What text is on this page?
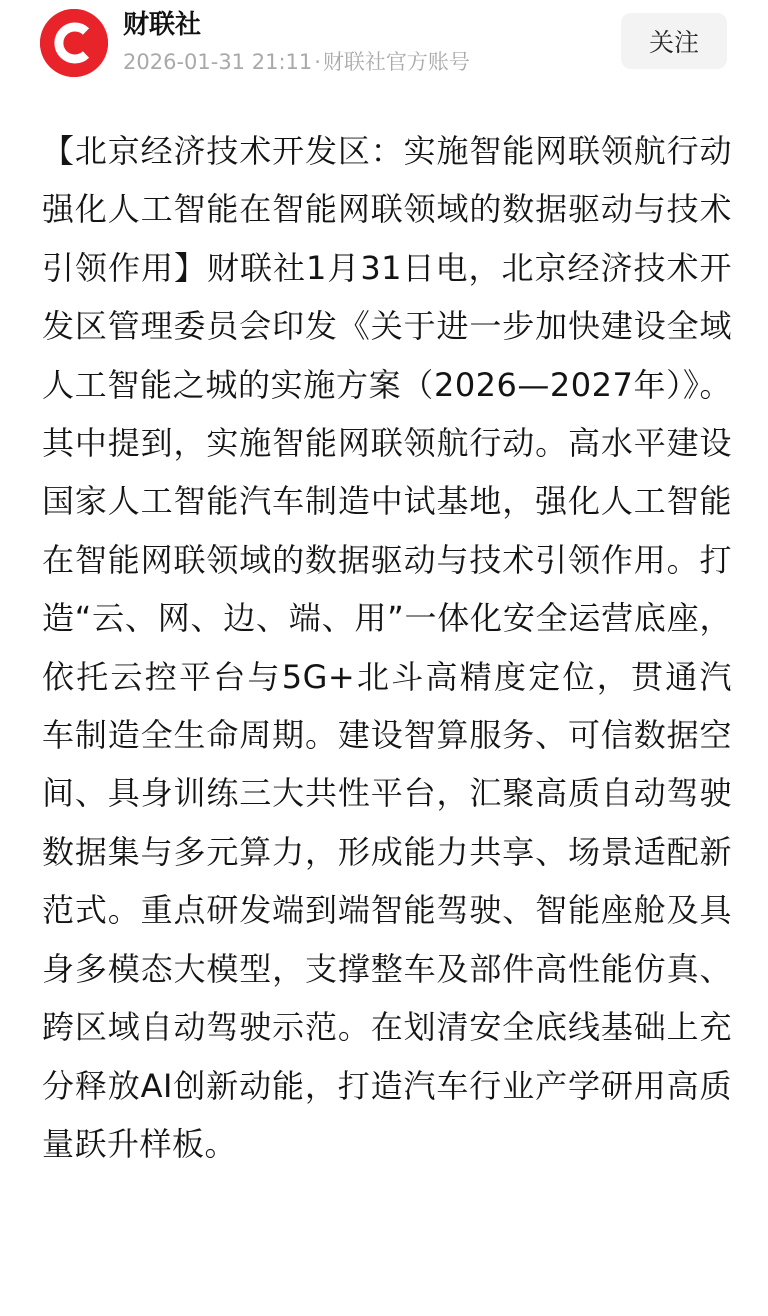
财联社
2026-01-31 21:11·财联社官方账号
关注

【北京经济技术开发区：实施智能网联领航行动 强化人工智能在智能网联领域的数据驱动与技术引领作用】财联社1月31日电，北京经济技术开发区管理委员会印发《关于进一步加快建设全域人工智能之城的实施方案（2026—2027年）》。其中提到，实施智能网联领航行动。高水平建设国家人工智能汽车制造中试基地，强化人工智能在智能网联领域的数据驱动与技术引领作用。打造“云、网、边、端、用”一体化安全运营底座，依托云控平台与5G+北斗高精度定位，贯通汽车制造全生命周期。建设智算服务、可信数据空间、具身训练三大共性平台，汇聚高质自动驾驶数据集与多元算力，形成能力共享、场景适配新范式。重点研发端到端智能驾驶、智能座舱及具身多模态大模型，支撑整车及部件高性能仿真、跨区域自动驾驶示范。在划清安全底线基础上充分释放AI创新动能，打造汽车行业产学研用高质量跃升样板。
